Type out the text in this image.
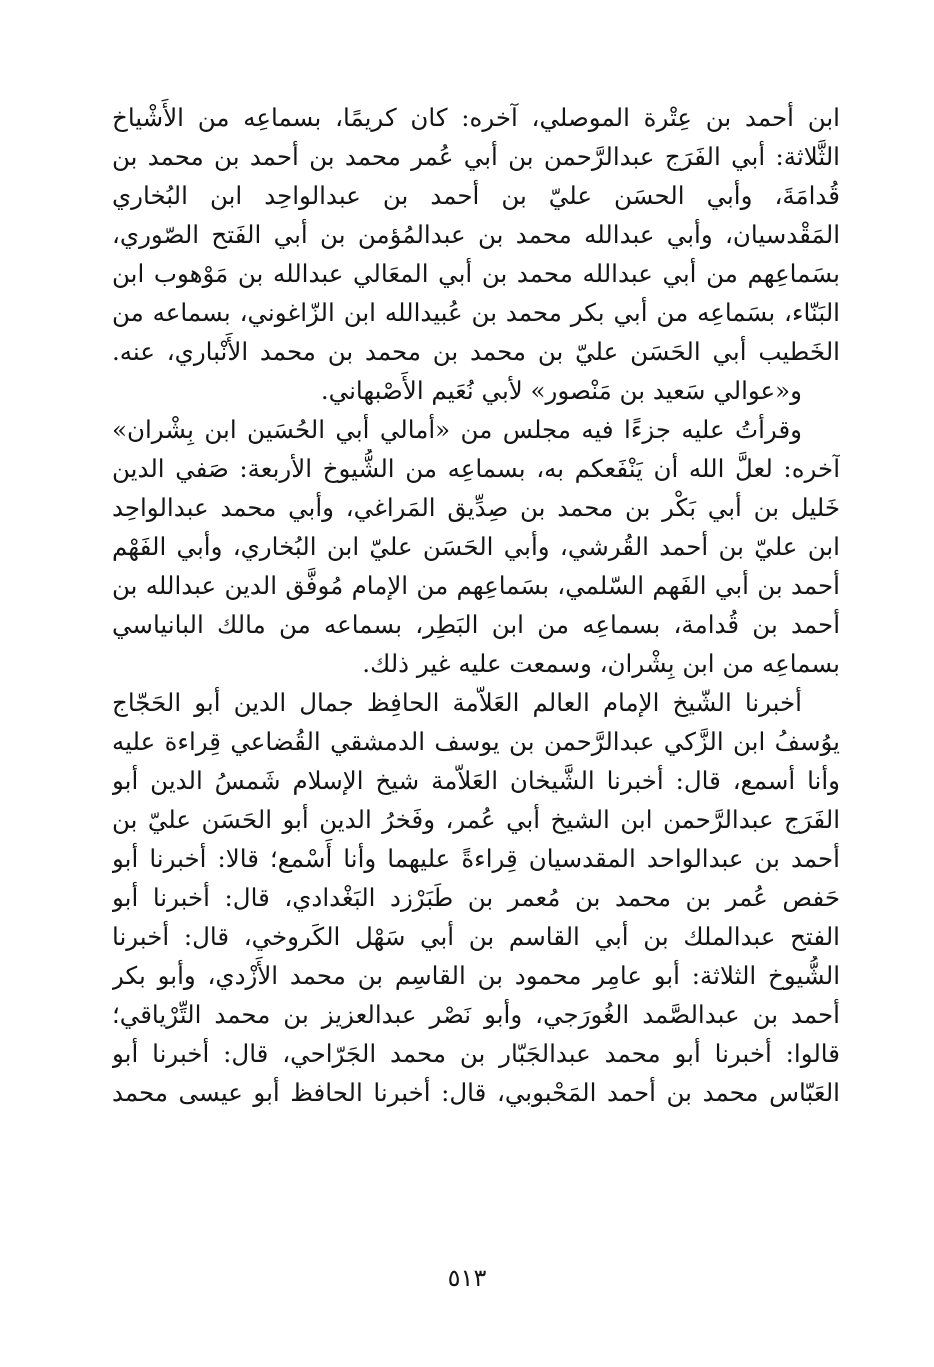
ابن أحمد بن عِتْرة الموصلي، آخره: كان كريمًا، بسماعِه من الأَشْياخ
الثَّلاثة: أبي الفَرَج عبدالرَّحمن بن أبي عُمر محمد بن أحمد بن محمد بن
قُدامَةَ، وأبي الحسَن عليّ بن أحمد بن عبدالواحِد ابن البُخاري
المَقْدسيان، وأبي عبدالله محمد بن عبدالمُؤمن بن أبي الفَتح الصّوري،
بسَماعِهم من أبي عبدالله محمد بن أبي المعَالي عبدالله بن مَوْهوب ابن
البَنّاء، بسَماعِه من أبي بكر محمد بن عُبيدالله ابن الزّاغوني، بسماعه من
الخَطيب أبي الحَسَن عليّ بن محمد بن محمد بن محمد الأَنْباري، عنه.
و«عوالي سَعيد بن مَنْصور» لأبي نُعَيم الأَصْبهاني.
وقرأتُ عليه جزءًا فيه مجلس من «أمالي أبي الحُسَين ابن بِشْران»
آخره: لعلَّ الله أن يَنْفَعكم به، بسماعِه من الشُّيوخ الأربعة: صَفي الدين
خَليل بن أبي بَكْر بن محمد بن صِدِّيق المَراغي، وأبي محمد عبدالواحِد
ابن عليّ بن أحمد القُرشي، وأبي الحَسَن عليّ ابن البُخاري، وأبي الفَهْم
أحمد بن أبي الفَهم السّلمي، بسَماعِهم من الإمام مُوفَّق الدين عبدالله بن
أحمد بن قُدامة، بسماعِه من ابن البَطِر، بسماعه من مالك البانياسي
بسماعِه من ابن بِشْران، وسمعت عليه غير ذلك.
أخبرنا الشّيخ الإمام العالم العَلاّمة الحافِظ جمال الدين أبو الحَجّاج
يوُسفُ ابن الزَّكي عبدالرَّحمن بن يوسف الدمشقي القُضاعي قِراءة عليه
وأنا أسمع، قال: أخبرنا الشَّيخان العَلاّمة شيخ الإسلام شَمسُ الدين أبو
الفَرَج عبدالرَّحمن ابن الشيخ أبي عُمر، وفَخرُ الدين أبو الحَسَن عليّ بن
أحمد بن عبدالواحد المقدسيان قِراءةً عليهما وأنا أَسْمع؛ قالا: أخبرنا أبو
حَفص عُمر بن محمد بن مُعمر بن طَبَرْزد البَغْدادي، قال: أخبرنا أبو
الفتح عبدالملك بن أبي القاسم بن أبي سَهْل الكَروخي، قال: أخبرنا
الشُّيوخ الثلاثة: أبو عامِر محمود بن القاسِم بن محمد الأَزْدي، وأبو بكر
أحمد بن عبدالصَّمد الغُورَجي، وأبو نَصْر عبدالعزيز بن محمد التِّرْياقي؛
قالوا: أخبرنا أبو محمد عبدالجَبّار بن محمد الجَرّاحي، قال: أخبرنا أبو
العَبّاس محمد بن أحمد المَحْبوبي، قال: أخبرنا الحافظ أبو عيسى محمد
٥١٣
